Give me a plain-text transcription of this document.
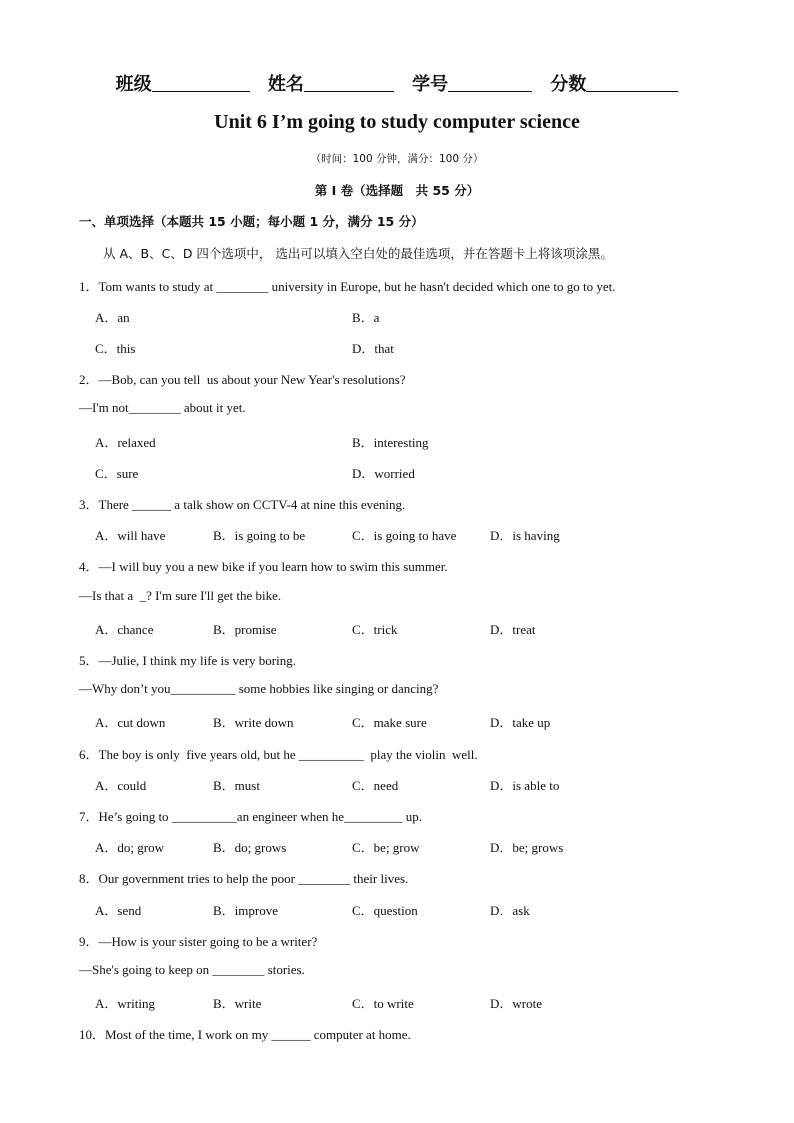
班级	姓名	学号	分数
Unit 6 I’m going to study computer science
（时间：100 分钟，满分：100 分）
第 I 卷（选择题　共 55 分）
一、单项选择（本题共 15 小题；每小题 1 分，满分 15 分）
从 A、B、C、D 四个选项中， 选出可以填入空白处的最佳选项，并在答题卡上将该项涂黑。
1．Tom wants to study at ________ university in Europe, but he hasn't decided which one to go to yet.
A．an	B．a
C．this	D．that
2．—Bob, can you tell  us about your New Year's resolutions?
—I'm not________ about it yet.
A．relaxed	B．interesting
C．sure	D．worried
3．There ______ a talk show on CCTV-4 at nine this evening.
A．will have	B．is going to be	C．is going to have	D．is having
4．—I will buy you a new bike if you learn how to swim this summer.
—Is that a  _? I'm sure I'll get the bike.
A．chance	B．promise	C．trick	D．treat
5．—Julie, I think my life is very boring.
—Why don’t you__________ some hobbies like singing or dancing?
A．cut down	B．write down	C．make sure	D．take up
6．The boy is only  five years old, but he __________  play the violin  well.
A．could	B．must	C．need	D．is able to
7．He’s going to __________an engineer when he_________ up.
A．do; grow	B．do; grows	C．be; grow	D．be; grows
8．Our government tries to help the poor ________ their lives.
A．send	B．improve	C．question	D．ask
9．—How is your sister going to be a writer?
—She's going to keep on ________ stories.
A．writing	B．write	C．to write	D．wrote
10．Most of the time, I work on my ______ computer at home.
